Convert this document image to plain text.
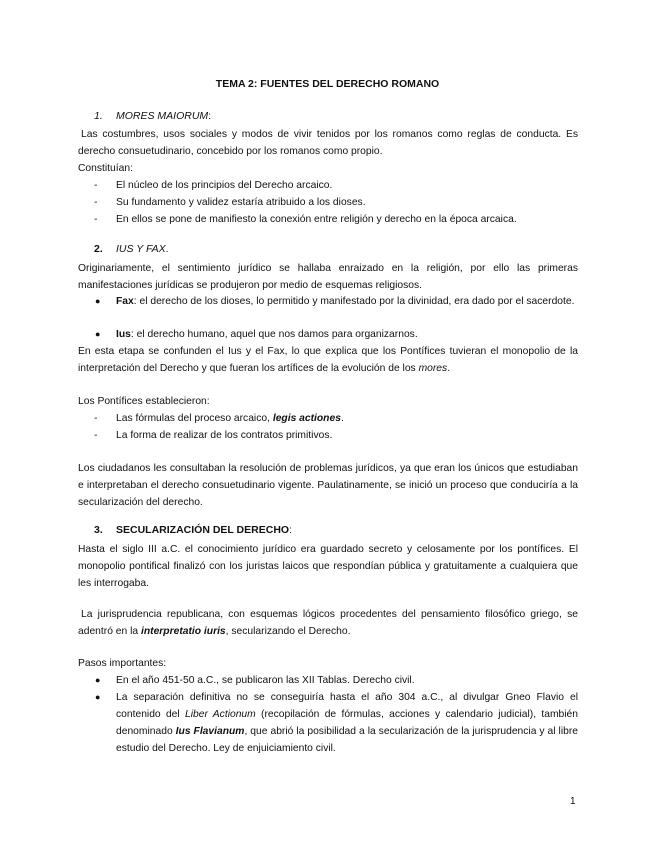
TEMA 2: FUENTES DEL DERECHO ROMANO
1. MORES MAIORUM:
Las costumbres, usos sociales y modos de vivir tenidos por los romanos como reglas de conducta. Es derecho consuetudinario, concebido por los romanos como propio.
Constituían:
- El núcleo de los principios del Derecho arcaico.
- Su fundamento y validez estaría atribuido a los dioses.
- En ellos se pone de manifiesto la conexión entre religión y derecho en la época arcaica.
2. IUS Y FAX.
Originariamente, el sentimiento jurídico se hallaba enraizado en la religión, por ello las primeras manifestaciones jurídicas se produjeron por medio de esquemas religiosos.
● Fax: el derecho de los dioses, lo permitido y manifestado por la divinidad, era dado por el sacerdote.
● Ius: el derecho humano, aquel que nos damos para organizarnos.
En esta etapa se confunden el Ius y el Fax, lo que explica que los Pontífices tuvieran el monopolio de la interpretación del Derecho y que fueran los artífices de la evolución de los mores.
Los Pontífices establecieron:
- Las fórmulas del proceso arcaico, legis actiones.
- La forma de realizar de los contratos primitivos.
Los ciudadanos les consultaban la resolución de problemas jurídicos, ya que eran los únicos que estudiaban e interpretaban el derecho consuetudinario vigente. Paulatinamente, se inició un proceso que conduciría a la secularización del derecho.
3. SECULARIZACIÓN DEL DERECHO:
Hasta el siglo III a.C. el conocimiento jurídico era guardado secreto y celosamente por los pontífices. El monopolio pontifical finalizó con los juristas laicos que respondían pública y gratuitamente a cualquiera que les interrogaba.
La jurisprudencia republicana, con esquemas lógicos procedentes del pensamiento filosófico griego, se adentró en la interpretatio iuris, secularizando el Derecho.
Pasos importantes:
● En el año 451-50 a.C., se publicaron las XII Tablas. Derecho civil.
● La separación definitiva no se conseguiría hasta el año 304 a.C., al divulgar Gneo Flavio el contenido del Liber Actionum (recopilación de fórmulas, acciones y calendario judicial), también denominado Ius Flavianum, que abrió la posibilidad a la secularización de la jurisprudencia y al libre estudio del Derecho. Ley de enjuiciamiento civil.
1
